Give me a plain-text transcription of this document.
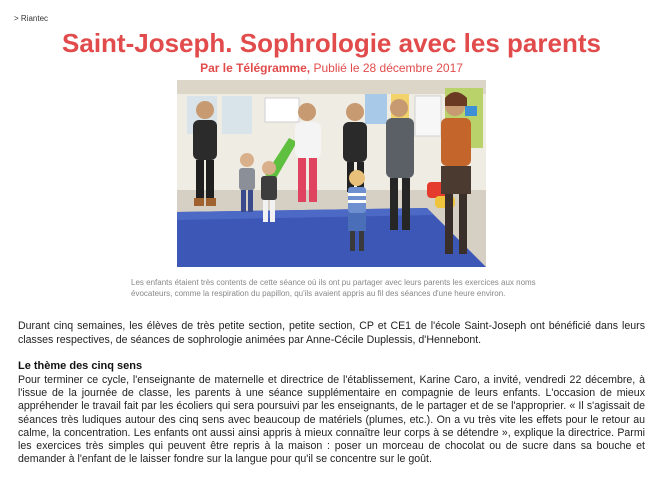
> Riantec
Saint-Joseph. Sophrologie avec les parents
Par le Télégramme, Publié le 28 décembre 2017
Les enfants étaient très contents de cette séance où ils ont pu partager avec leurs parents les exercices aux noms évocateurs, comme la respiration du papillon, qu'ils avaient appris au fil des séances d'une heure environ.

Durant cinq semaines, les élèves de très petite section, petite section, CP et CE1 de l'école Saint-Joseph ont bénéficié dans leurs classes respectives, de séances de sophrologie animées par Anne-Cécile Duplessis, d'Hennebont.

Le thème des cinq sens

Pour terminer ce cycle, l'enseignante de maternelle et directrice de l'établissement, Karine Caro, a invité, vendredi 22 décembre, à l'issue de la journée de classe, les parents à une séance supplémentaire en compagnie de leurs enfants. L'occasion de mieux appréhender le travail fait par les écoliers qui sera poursuivi par les enseignants, de le partager et de se l'approprier. « Il s'agissait de séances très ludiques autour des cinq sens avec beaucoup de matériels (plumes, etc.). On a vu très vite les effets pour le retour au calme, la concentration. Les enfants ont aussi ainsi appris à mieux connaître leur corps à se détendre », explique la directrice. Parmi les exercices très simples qui peuvent être repris à la maison : poser un morceau de chocolat ou de sucre dans sa bouche et demander à l'enfant de le laisser fondre sur la langue pour qu'il se concentre sur le goût.
